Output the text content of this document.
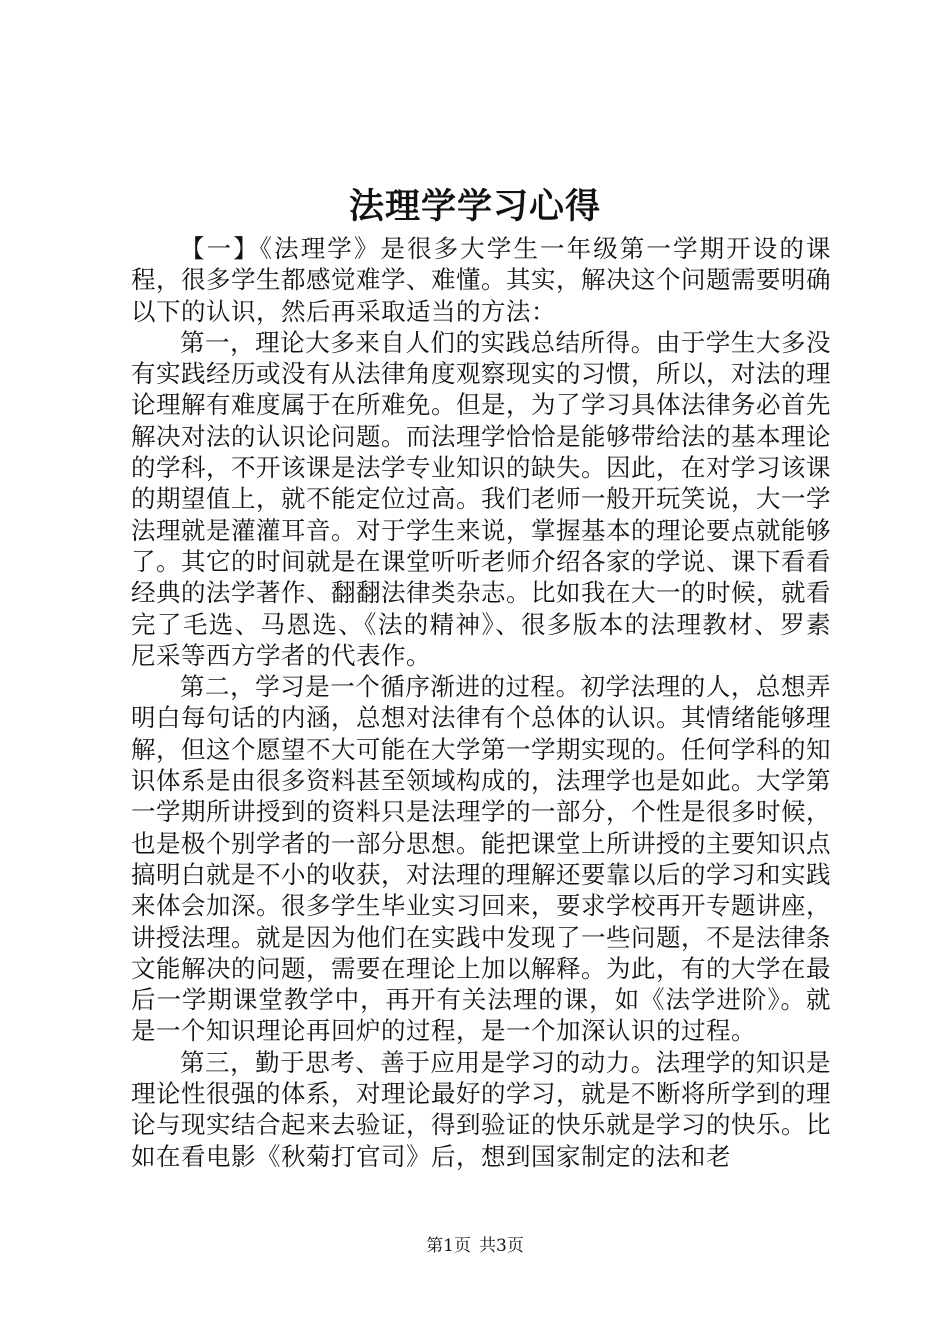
法理学学习心得

【一】《法理学》是很多大学生一年级第一学期开设的课程，很多学生都感觉难学、难懂。其实，解决这个问题需要明确以下的认识，然后再采取适当的方法：

第一，理论大多来自人们的实践总结所得。由于学生大多没有实践经历或没有从法律角度观察现实的习惯，所以，对法的理论理解有难度属于在所难免。但是，为了学习具体法律务必首先解决对法的认识论问题。而法理学恰恰是能够带给法的基本理论的学科，不开该课是法学专业知识的缺失。因此，在对学习该课的期望值上，就不能定位过高。我们老师一般开玩笑说，大一学法理就是灌灌耳音。对于学生来说，掌握基本的理论要点就能够了。其它的时间就是在课堂听听老师介绍各家的学说、课下看看经典的法学著作、翻翻法律类杂志。比如我在大一的时候，就看完了毛选、马恩选、《法的精神》、很多版本的法理教材、罗素尼采等西方学者的代表作。

第二，学习是一个循序渐进的过程。初学法理的人，总想弄明白每句话的内涵，总想对法律有个总体的认识。其情绪能够理解，但这个愿望不大可能在大学第一学期实现的。任何学科的知识体系是由很多资料甚至领域构成的，法理学也是如此。大学第一学期所讲授到的资料只是法理学的一部分，个性是很多时候，也是极个别学者的一部分思想。能把课堂上所讲授的主要知识点搞明白就是不小的收获，对法理的理解还要靠以后的学习和实践来体会加深。很多学生毕业实习回来，要求学校再开专题讲座，讲授法理。就是因为他们在实践中发现了一些问题，不是法律条文能解决的问题，需要在理论上加以解释。为此，有的大学在最后一学期课堂教学中，再开有关法理的课，如《法学进阶》。就是一个知识理论再回炉的过程，是一个加深认识的过程。

第三，勤于思考、善于应用是学习的动力。法理学的知识是理论性很强的体系，对理论最好的学习，就是不断将所学到的理论与现实结合起来去验证，得到验证的快乐就是学习的快乐。比如在看电影《秋菊打官司》后，想到国家制定的法和老

第1页 共3页
